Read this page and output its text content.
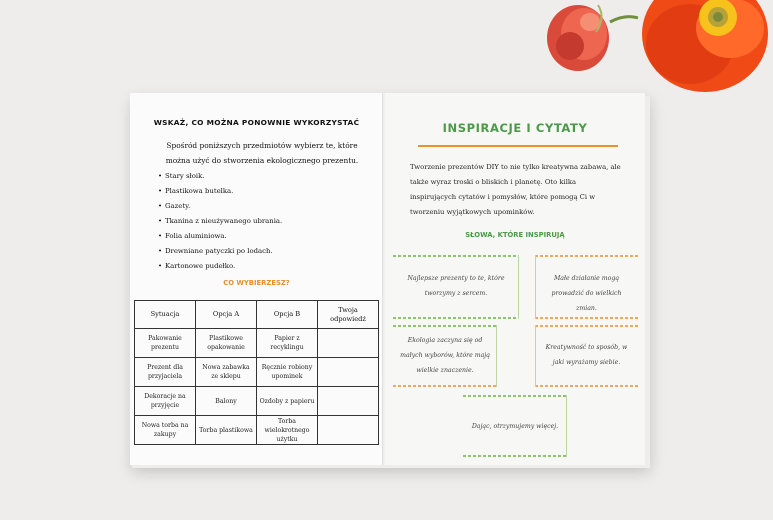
WSKAŻ, CO MOŻNA PONOWNIE WYKORZYSTAĆ
Spośród poniższych przedmiotów wybierz te, które można użyć do stworzenia ekologicznego prezentu.
• Stary słoik.
• Plastikowa butelka.
• Gazety.
• Tkanina z nieużywanego ubrania.
• Folia aluminiowa.
• Drewniane patyczki po lodach.
• Kartonowe pudełko.
CO WYBIERZESZ?
Sytuacja	Opcja A	Opcja B	Twoja odpowiedź
Pakowanie prezentu	Plastikowe opakowanie	Papier z recyklingu	
Prezent dla przyjaciela	Nowa zabawka ze sklepu	Ręcznie robiony upominek	
Dekoracje na przyjęcie	Balony	Ozdoby z papieru	
Nowa torba na zakupy	Torba plastikowa	Torba wielokrotnego użytku	
INSPIRACJE I CYTATY
Tworzenie prezentów DIY to nie tylko kreatywna zabawa, ale także wyraz troski o bliskich i planetę. Oto kilka inspirujących cytatów i pomysłów, które pomogą Ci w tworzeniu wyjątkowych upominków.
SŁOWA, KTÓRE INSPIRUJĄ
Najlepsze prezenty to te, które tworzymy z sercem.
Małe działanie mogą prowadzić do wielkich zmian.
Ekologia zaczyna się od małych wyborów, które mają wielkie znaczenie.
Kreatywność to sposób, w jaki wyrażamy siebie.
Dając, otrzymujemy więcej.
